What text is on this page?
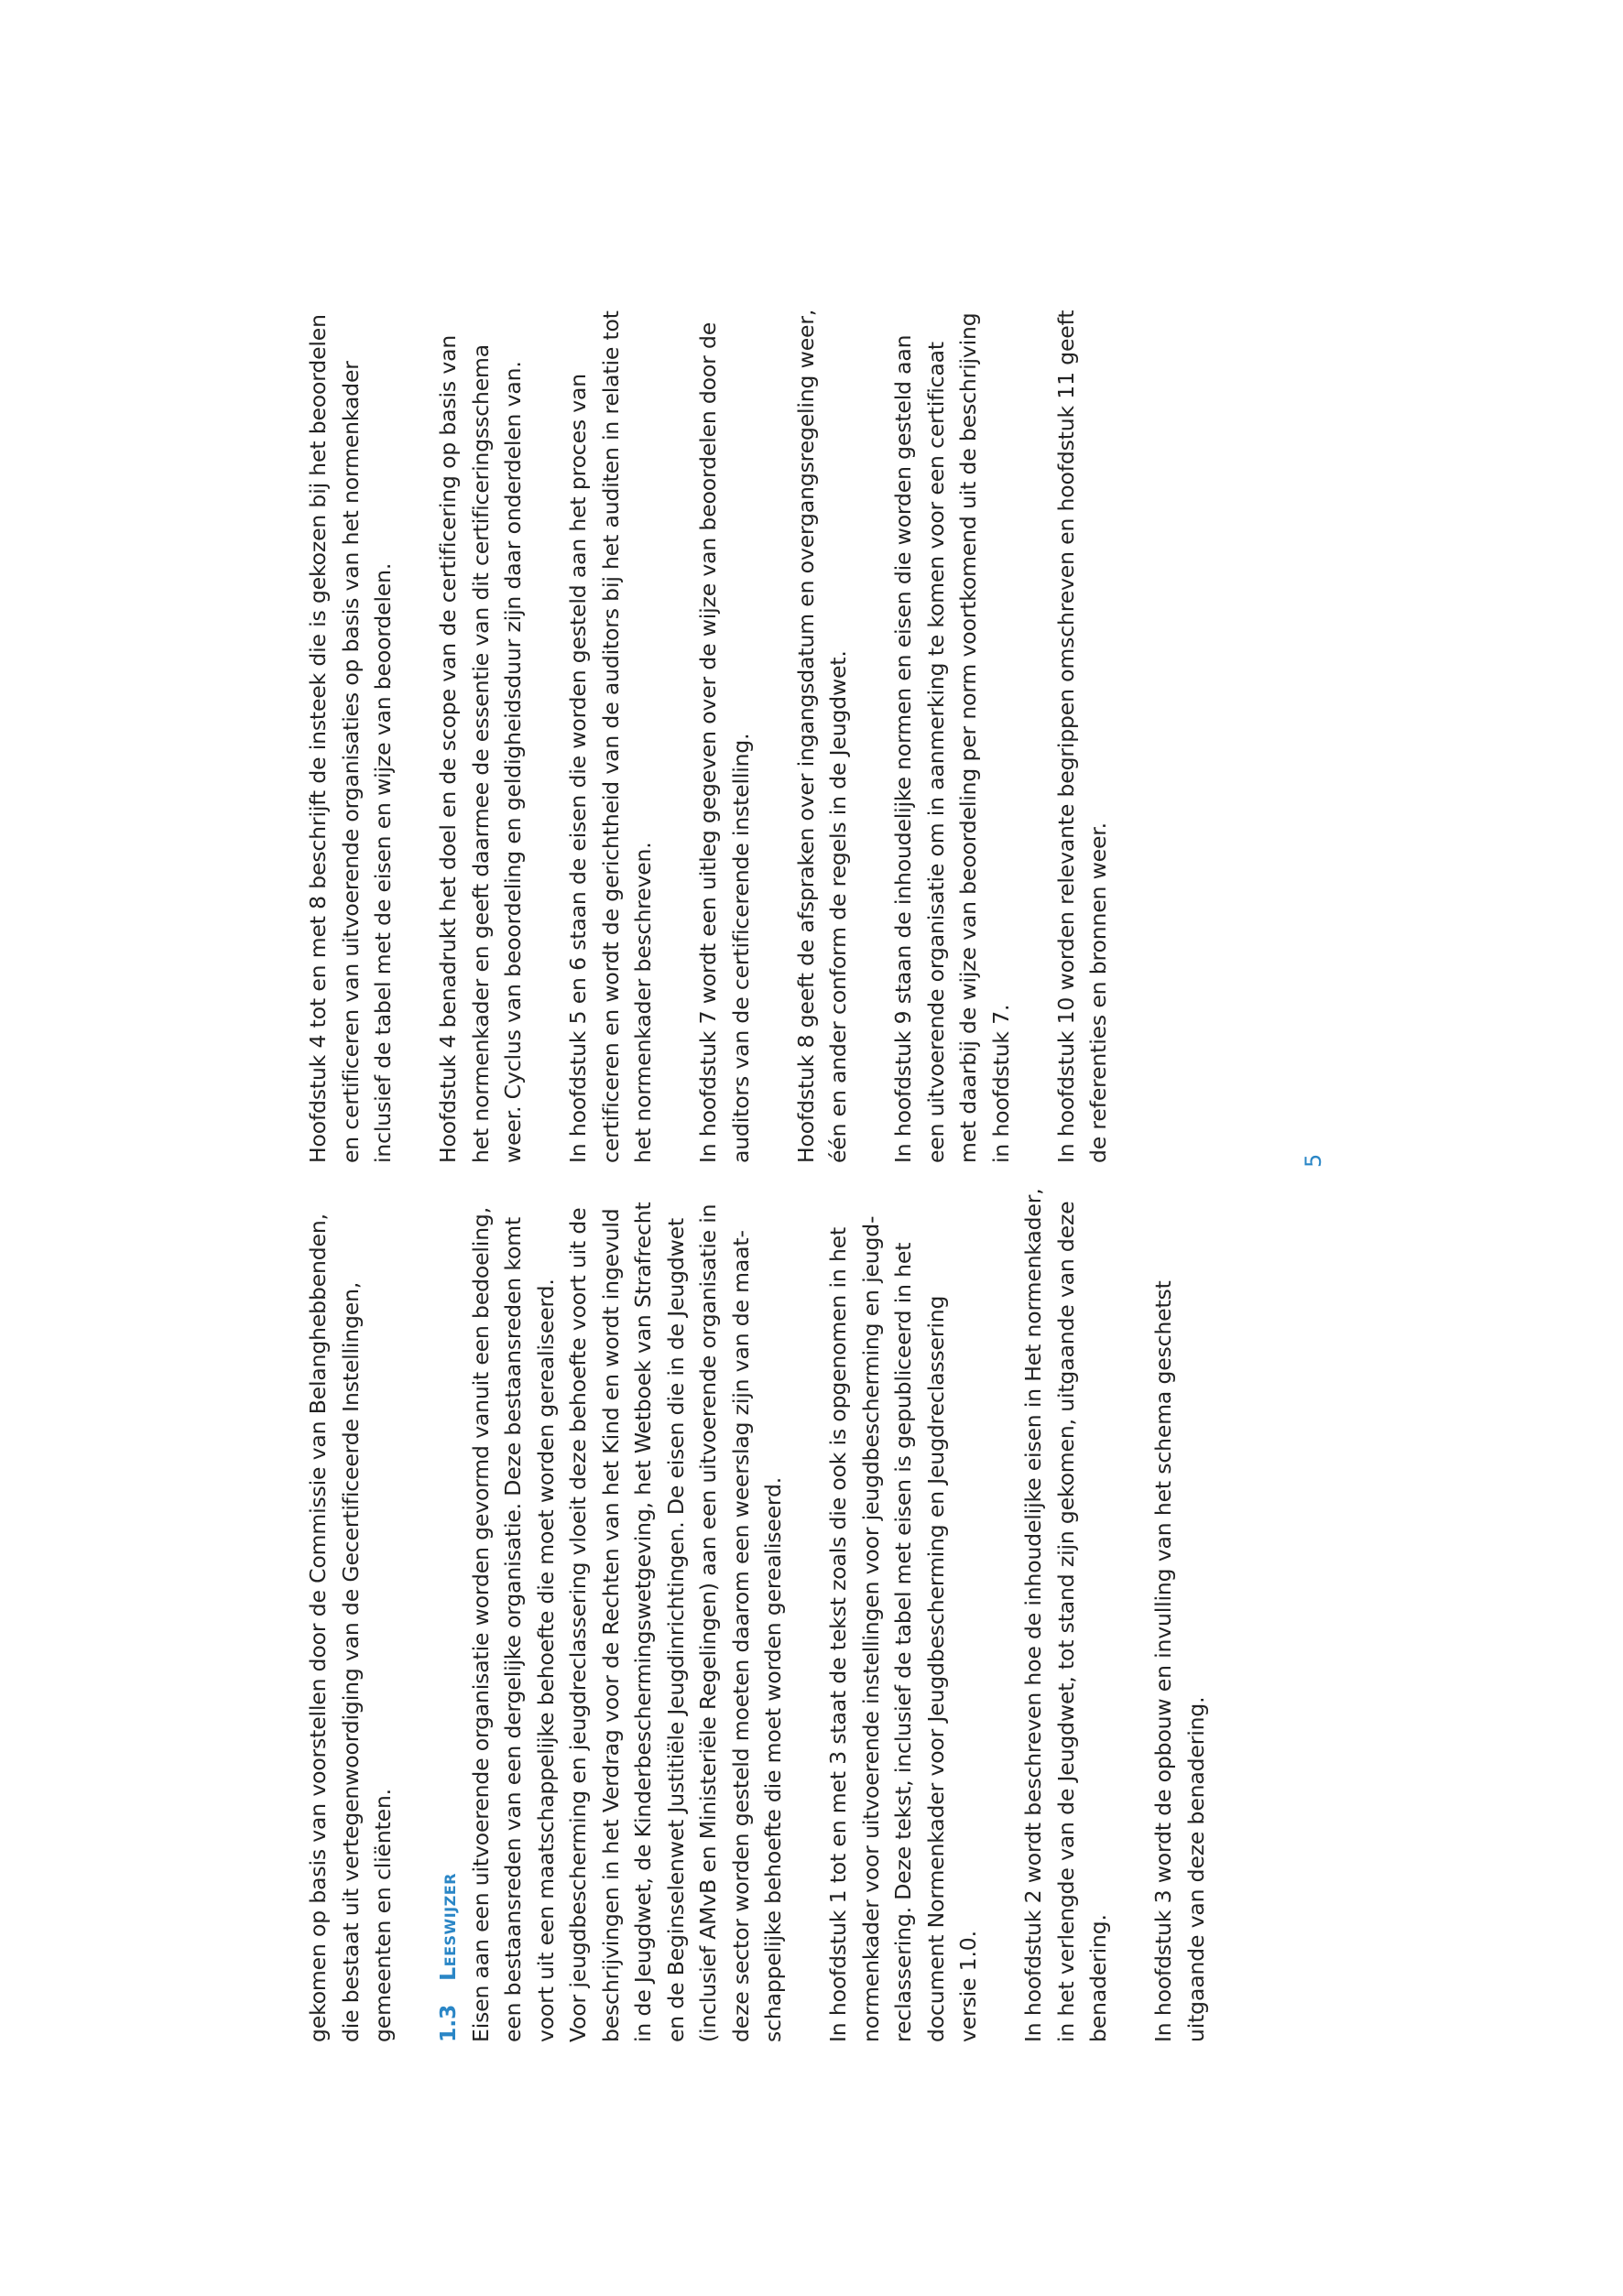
gekomen op basis van voorstellen door de Commissie van Belanghebbenden, die bestaat uit vertegenwoordiging van de Gecertificeerde Instellingen, gemeenten en cliënten. 1.3Leeswijzer Eisen aan een uitvoerende organisatie worden gevormd vanuit een bedoeling, een bestaansreden van een dergelijke organisatie. Deze bestaansreden komt voort uit een maatschappelijke behoefte die moet worden gerealiseerd. Voor jeugdbescherming en jeugdreclassering vloeit deze behoefte voort uit de beschrijvingen in het Verdrag voor de Rechten van het Kind en wordt ingevuld in de Jeugdwet, de Kinderbeschermingswetgeving, het Wetboek van Strafrecht en de Beginselenwet Justitiële Jeugdinrichtingen. De eisen die in de Jeugdwet (inclusief AMvB en Ministeriële Regelingen) aan een uitvoerende organisatie in deze sector worden gesteld moeten daarom een weerslag zijn van de maat- schappelijke behoefte die moet worden gerealiseerd. In hoofdstuk 1 tot en met 3 staat de tekst zoals die ook is opgenomen in het normenkader voor uitvoerende instellingen voor jeugdbescherming en jeugd- reclassering. Deze tekst, inclusief de tabel met eisen is gepubliceerd in het document Normenkader voor Jeugdbescherming en Jeugdreclassering versie 1.0. In hoofdstuk 2 wordt beschreven hoe de inhoudelijke eisen in Het normenkader, in het verlengde van de Jeugdwet, tot stand zijn gekomen, uitgaande van deze benadering. In hoofdstuk 3 wordt de opbouw en invulling van het schema geschetst uitgaande van deze benadering.

Hoofdstuk 4 tot en met 8 beschrijft de insteek die is gekozen bij het beoordelen en certificeren van uitvoerende organisaties op basis van het normenkader inclusief de tabel met de eisen en wijze van beoordelen. Hoofdstuk 4 benadrukt het doel en de scope van de certificering op basis van het normenkader en geeft daarmee de essentie van dit certificeringsschema weer. Cyclus van beoordeling en geldigheidsduur zijn daar onderdelen van. In hoofdstuk 5 en 6 staan de eisen die worden gesteld aan het proces van certificeren en wordt de gerichtheid van de auditors bij het auditen in relatie tot het normenkader beschreven. In hoofdstuk 7 wordt een uitleg gegeven over de wijze van beoordelen door de auditors van de certificerende instelling. Hoofdstuk 8 geeft de afspraken over ingangsdatum en overgangsregeling weer, één en ander conform de regels in de Jeugdwet. In hoofdstuk 9 staan de inhoudelijke normen en eisen die worden gesteld aan een uitvoerende organisatie om in aanmerking te komen voor een certificaat met daarbij de wijze van beoordeling per norm voortkomend uit de beschrijving in hoofdstuk 7. In hoofdstuk 10 worden relevante begrippen omschreven en hoofdstuk 11 geeft de referenties en bronnen weer.	5
